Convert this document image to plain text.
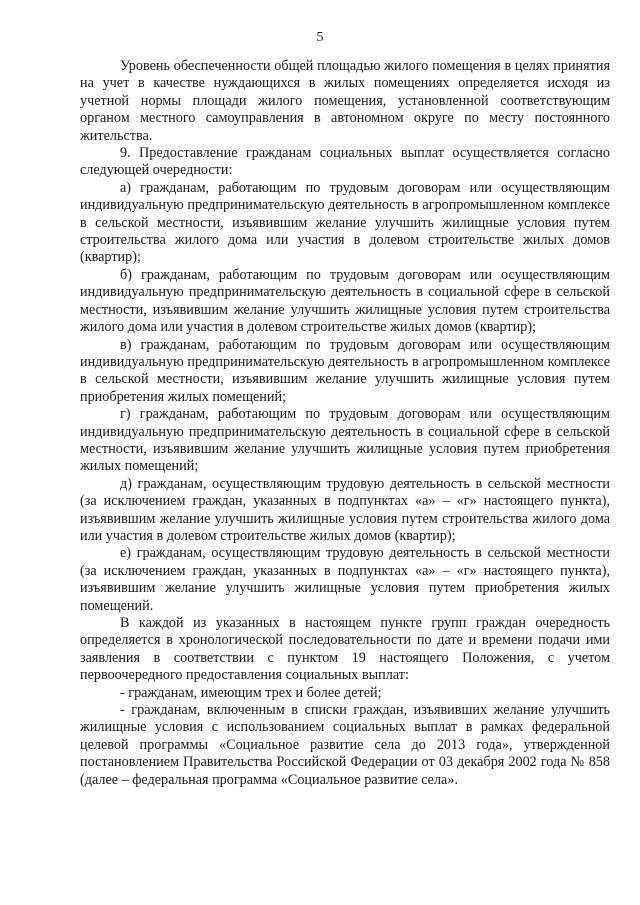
5

Уровень обеспеченности общей площадью жилого помещения в целях принятия на учет в качестве нуждающихся в жилых помещениях определяется исходя из учетной нормы площади жилого помещения, установленной соответствующим органом местного самоуправления в автономном округе по месту постоянного жительства.

9. Предоставление гражданам социальных выплат осуществляется согласно следующей очередности:

а) гражданам, работающим по трудовым договорам или осуществляющим индивидуальную предпринимательскую деятельность в агропромышленном комплексе в сельской местности, изъявившим желание улучшить жилищные условия путем строительства жилого дома или участия в долевом строительстве жилых домов (квартир);

б) гражданам, работающим по трудовым договорам или осуществляющим индивидуальную предпринимательскую деятельность в социальной сфере в сельской местности, изъявившим желание улучшить жилищные условия путем строительства жилого дома или участия в долевом строительстве жилых домов (квартир);

в) гражданам, работающим по трудовым договорам или осуществляющим индивидуальную предпринимательскую деятельность в агропромышленном комплексе в сельской местности, изъявившим желание улучшить жилищные условия путем приобретения жилых помещений;

г) гражданам, работающим по трудовым договорам или осуществляющим индивидуальную предпринимательскую деятельность в социальной сфере в сельской местности, изъявившим желание улучшить жилищные условия путем приобретения жилых помещений;

д) гражданам, осуществляющим трудовую деятельность в сельской местности (за исключением граждан, указанных в подпунктах «а» – «г» настоящего пункта), изъявившим желание улучшить жилищные условия путем строительства жилого дома или участия в долевом строительстве жилых домов (квартир);

е) гражданам, осуществляющим трудовую деятельность в сельской местности (за исключением граждан, указанных в подпунктах «а» – «г» настоящего пункта), изъявившим желание улучшить жилищные условия путем приобретения жилых помещений.

В каждой из указанных в настоящем пункте групп граждан очередность определяется в хронологической последовательности по дате и времени подачи ими заявления в соответствии с пунктом 19 настоящего Положения, с учетом первоочередного предоставления социальных выплат:

- гражданам, имеющим трех и более детей;

- гражданам, включенным в списки граждан, изъявивших желание улучшить жилищные условия с использованием социальных выплат в рамках федеральной целевой программы «Социальное развитие села до 2013 года», утвержденной постановлением Правительства Российской Федерации от 03 декабря 2002 года № 858 (далее – федеральная программа «Социальное развитие села».
